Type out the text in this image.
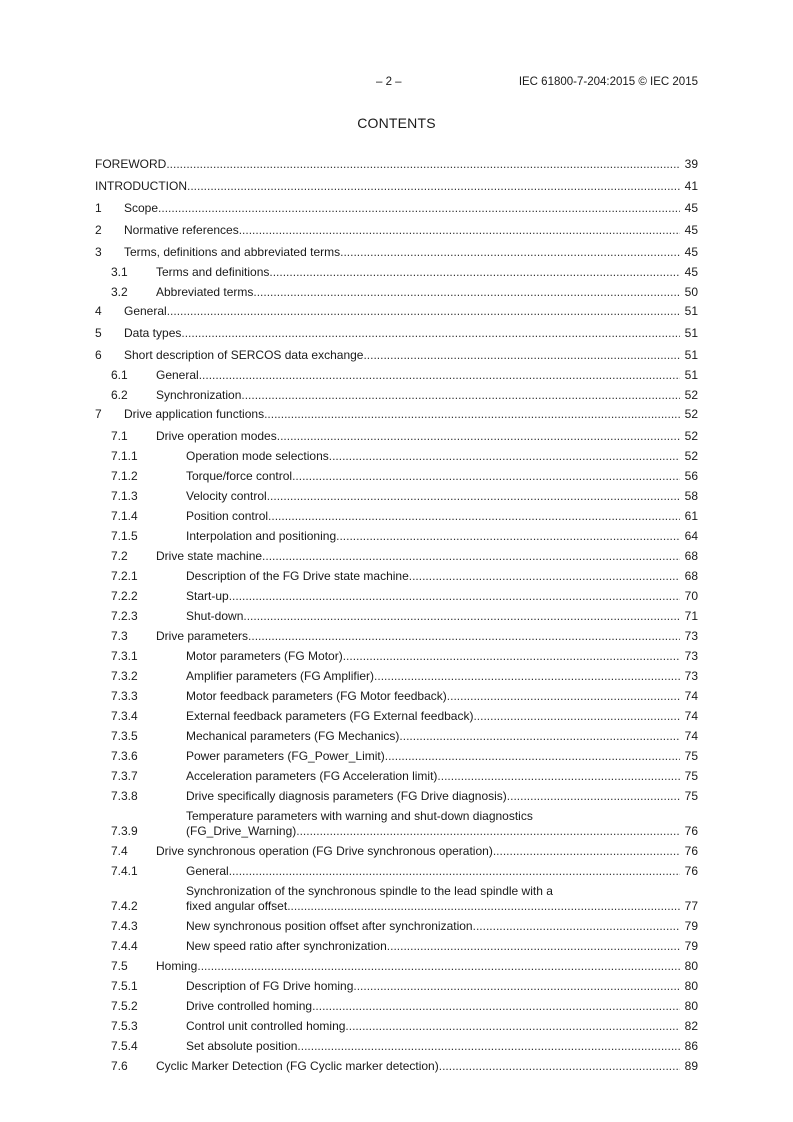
– 2 –	IEC 61800-7-204:2015 © IEC 2015
CONTENTS
FOREWORD .....	39
INTRODUCTION .....	41
1	Scope .....	45
2	Normative references .....	45
3	Terms, definitions and abbreviated terms .....	45
3.1	Terms and definitions .....	45
3.2	Abbreviated terms .....	50
4	General .....	51
5	Data types .....	51
6	Short description of SERCOS data exchange .....	51
6.1	General .....	51
6.2	Synchronization .....	52
7	Drive application functions .....	52
7.1	Drive operation modes .....	52
7.1.1	Operation mode selections .....	52
7.1.2	Torque/force control .....	56
7.1.3	Velocity control .....	58
7.1.4	Position control .....	61
7.1.5	Interpolation and positioning .....	64
7.2	Drive state machine .....	68
7.2.1	Description of the FG Drive state machine .....	68
7.2.2	Start-up .....	70
7.2.3	Shut-down .....	71
7.3	Drive parameters .....	73
7.3.1	Motor parameters (FG Motor) .....	73
7.3.2	Amplifier parameters (FG Amplifier) .....	73
7.3.3	Motor feedback parameters (FG Motor feedback) .....	74
7.3.4	External feedback parameters (FG External feedback) .....	74
7.3.5	Mechanical parameters (FG Mechanics) .....	74
7.3.6	Power parameters (FG_Power_Limit) .....	75
7.3.7	Acceleration parameters (FG Acceleration limit) .....	75
7.3.8	Drive specifically diagnosis parameters (FG Drive diagnosis) .....	75
7.3.9
Temperature parameters with warning and shut-down diagnostics
(FG_Drive_Warning) .....	76
7.4	Drive synchronous operation (FG Drive synchronous operation) .....	76
7.4.1	General .....	76
7.4.2
Synchronization of the synchronous spindle to the lead spindle with a
fixed angular offset .....	77
7.4.3	New synchronous position offset after synchronization .....	79
7.4.4	New speed ratio after synchronization .....	79
7.5	Homing .....	80
7.5.1	Description of FG Drive homing .....	80
7.5.2	Drive controlled homing .....	80
7.5.3	Control unit controlled homing .....	82
7.5.4	Set absolute position .....	86
7.6	Cyclic Marker Detection (FG Cyclic marker detection) .....	89
